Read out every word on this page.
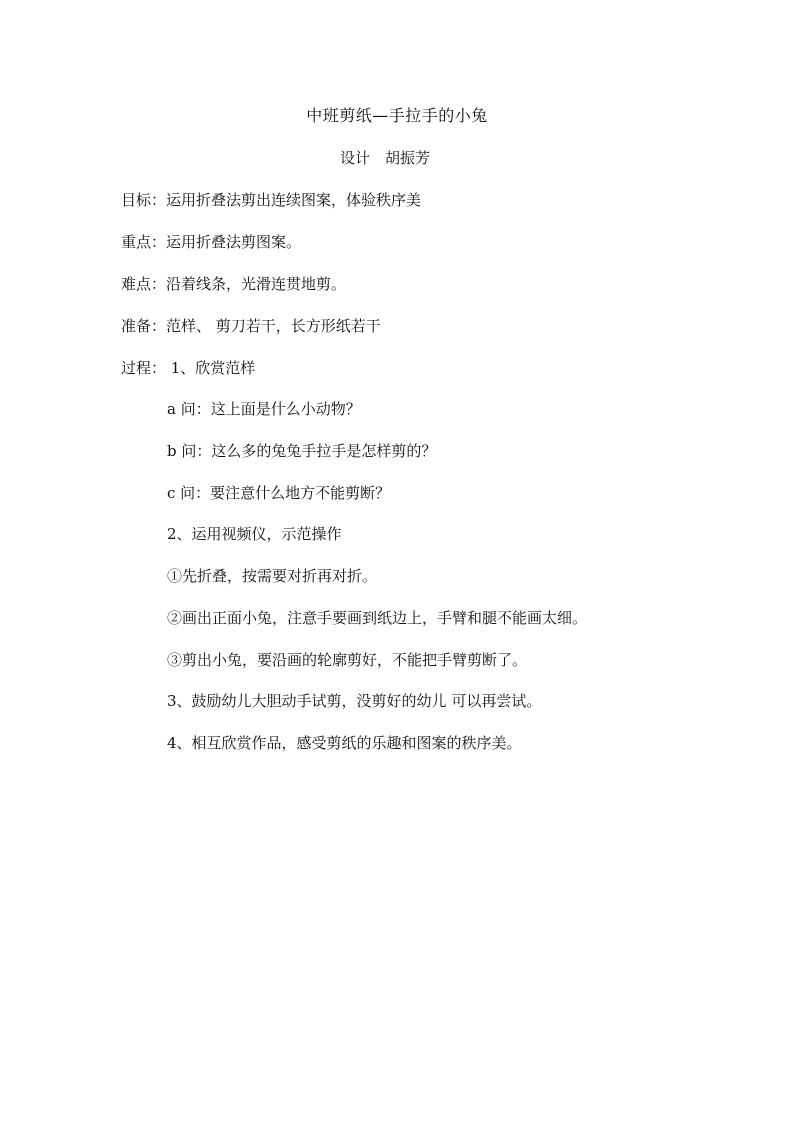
中班剪纸—手拉手的小兔
设计　胡振芳
目标：运用折叠法剪出连续图案，体验秩序美
重点：运用折叠法剪图案。
难点：沿着线条，光滑连贯地剪。
准备：范样、 剪刀若干，长方形纸若干
过程： 1、欣赏范样
a 问：这上面是什么小动物？
b 问：这么多的兔兔手拉手是怎样剪的？
c 问：要注意什么地方不能剪断？
2、运用视频仪，示范操作
①先折叠，按需要对折再对折。
②画出正面小兔，注意手要画到纸边上，手臂和腿不能画太细。
③剪出小兔，要沿画的轮廓剪好，不能把手臂剪断了。
3、鼓励幼儿大胆动手试剪，没剪好的幼儿 可以再尝试。
4、相互欣赏作品，感受剪纸的乐趣和图案的秩序美。
